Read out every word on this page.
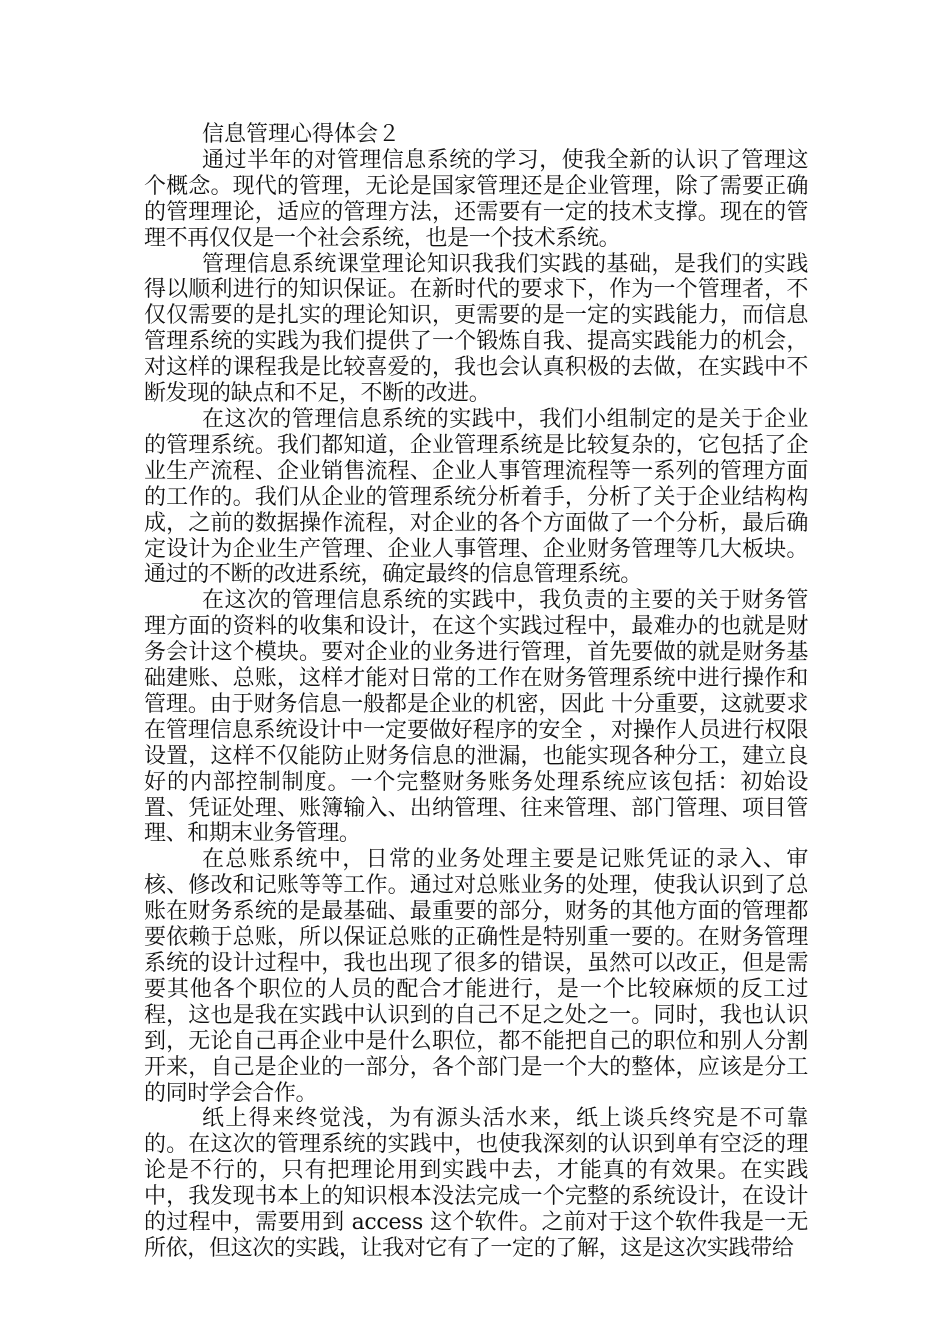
信息管理心得体会２

通过半年的对管理信息系统的学习，使我全新的认识了管理这个概念。现代的管理，无论是国家管理还是企业管理，除了需要正确的管理理论，适应的管理方法，还需要有一定的技术支撑。现在的管理不再仅仅是一个社会系统，也是一个技术系统。

管理信息系统课堂理论知识我我们实践的基础，是我们的实践得以顺利进行的知识保证。在新时代的要求下，作为一个管理者，不仅仅需要的是扎实的理论知识，更需要的是一定的实践能力，而信息管理系统的实践为我们提供了一个锻炼自我、提高实践能力的机会，对这样的课程我是比较喜爱的，我也会认真积极的去做，在实践中不断发现的缺点和不足，不断的改进。

在这次的管理信息系统的实践中，我们小组制定的是关于企业的管理系统。我们都知道，企业管理系统是比较复杂的，它包括了企业生产流程、企业销售流程、企业人事管理流程等一系列的管理方面的工作的。我们从企业的管理系统分析着手，分析了关于企业结构构成，之前的数据操作流程，对企业的各个方面做了一个分析，最后确定设计为企业生产管理、企业人事管理、企业财务管理等几大板块。通过的不断的改进系统，确定最终的信息管理系统。

在这次的管理信息系统的实践中，我负责的主要的关于财务管理方面的资料的收集和设计，在这个实践过程中，最难办的也就是财务会计这个模块。要对企业的业务进行管理，首先要做的就是财务基础建账、总账，这样才能对日常的工作在财务管理系统中进行操作和管理。由于财务信息一般都是企业的机密，因此 十分重要，这就要求在管理信息系统设计中一定要做好程序的安全 ，对操作人员进行权限设置，这样不仅能防止财务信息的泄漏，也能实现各种分工，建立良好的内部控制制度。一个完整财务账务处理系统应该包括：初始设置、凭证处理、账簿输入、出纳管理、往来管理、部门管理、项目管理、和期末业务管理。

在总账系统中，日常的业务处理主要是记账凭证的录入、审核、修改和记账等等工作。通过对总账业务的处理，使我认识到了总账在财务系统的是最基础、最重要的部分，财务的其他方面的管理都要依赖于总账，所以保证总账的正确性是特别重一要的。在财务管理系统的设计过程中，我也出现了很多的错误，虽然可以改正，但是需要其他各个职位的人员的配合才能进行，是一个比较麻烦的反工过程，这也是我在实践中认识到的自己不足之处之一。同时，我也认识到，无论自己再企业中是什么职位，都不能把自己的职位和别人分割开来，自己是企业的一部分，各个部门是一个大的整体，应该是分工的同时学会合作。

纸上得来终觉浅，为有源头活水来，纸上谈兵终究是不可靠的。在这次的管理系统的实践中，也使我深刻的认识到单有空泛的理论是不行的，只有把理论用到实践中去，才能真的有效果。在实践中，我发现书本上的知识根本没法完成一个完整的系统设计，在设计的过程中，需要用到 access 这个软件。之前对于这个软件我是一无所依，但这次的实践，让我对它有了一定的了解，这是这次实践带给
